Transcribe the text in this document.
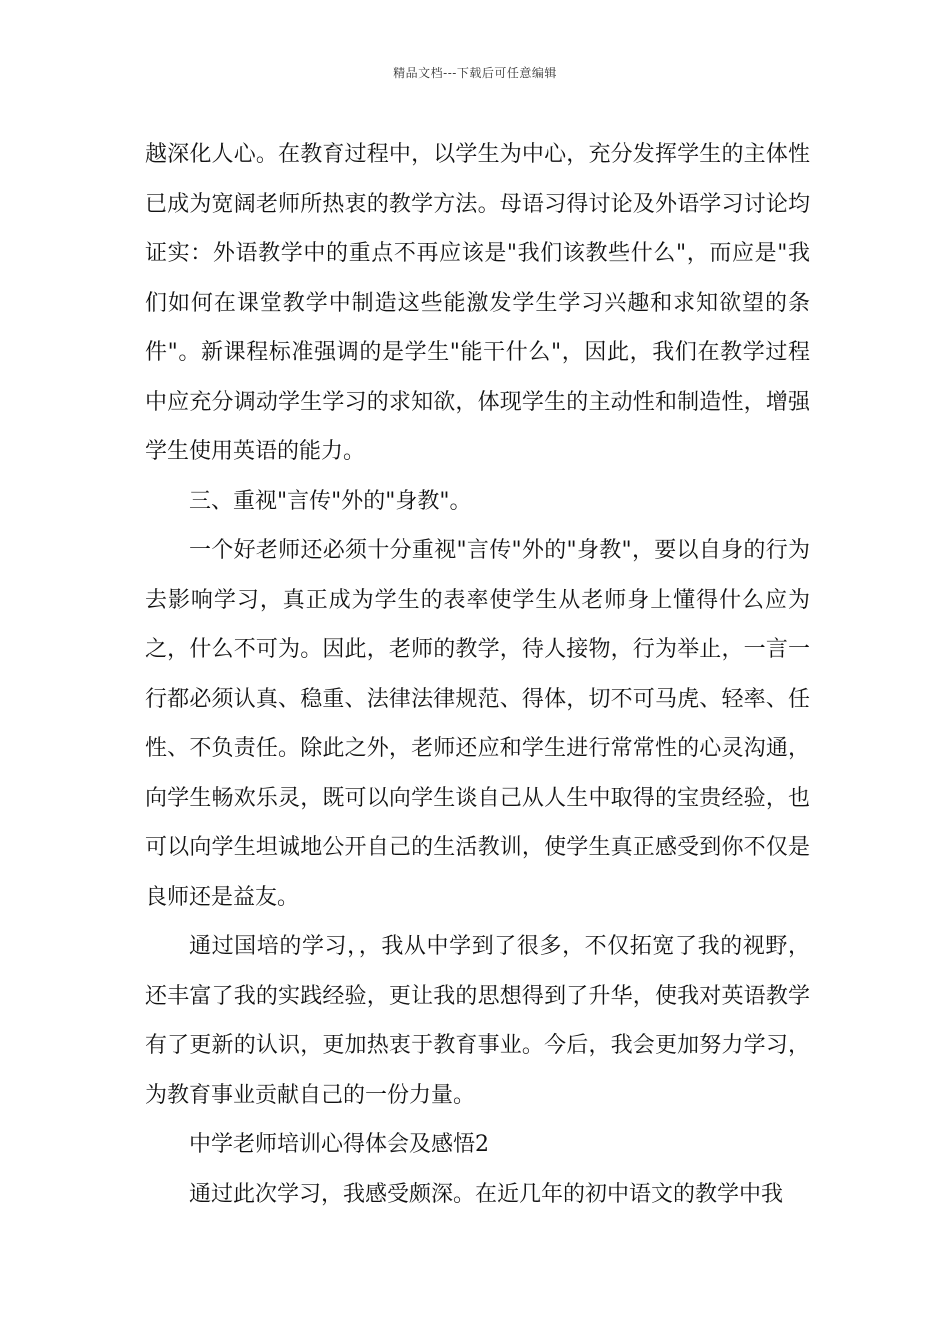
精品文档---下载后可任意编辑

越深化人心。在教育过程中，以学生为中心，充分发挥学生的主体性已成为宽阔老师所热衷的教学方法。母语习得讨论及外语学习讨论均证实：外语教学中的重点不再应该是"我们该教些什么"，而应是"我们如何在课堂教学中制造这些能激发学生学习兴趣和求知欲望的条件"。新课程标准强调的是学生"能干什么"，因此，我们在教学过程中应充分调动学生学习的求知欲，体现学生的主动性和制造性，增强学生使用英语的能力。

三、重视"言传"外的"身教"。

一个好老师还必须十分重视"言传"外的"身教"，要以自身的行为去影响学习，真正成为学生的表率使学生从老师身上懂得什么应为之，什么不可为。因此，老师的教学，待人接物，行为举止，一言一行都必须认真、稳重、法律法律规范、得体，切不可马虎、轻率、任性、不负责任。除此之外，老师还应和学生进行常常性的心灵沟通，向学生畅欢乐灵，既可以向学生谈自己从人生中取得的宝贵经验，也可以向学生坦诚地公开自己的生活教训，使学生真正感受到你不仅是良师还是益友。

通过国培的学习，，我从中学到了很多，不仅拓宽了我的视野，还丰富了我的实践经验，更让我的思想得到了升华，使我对英语教学有了更新的认识，更加热衷于教育事业。今后，我会更加努力学习，为教育事业贡献自己的一份力量。

中学老师培训心得体会及感悟2

通过此次学习，我感受颇深。在近几年的初中语文的教学中我
